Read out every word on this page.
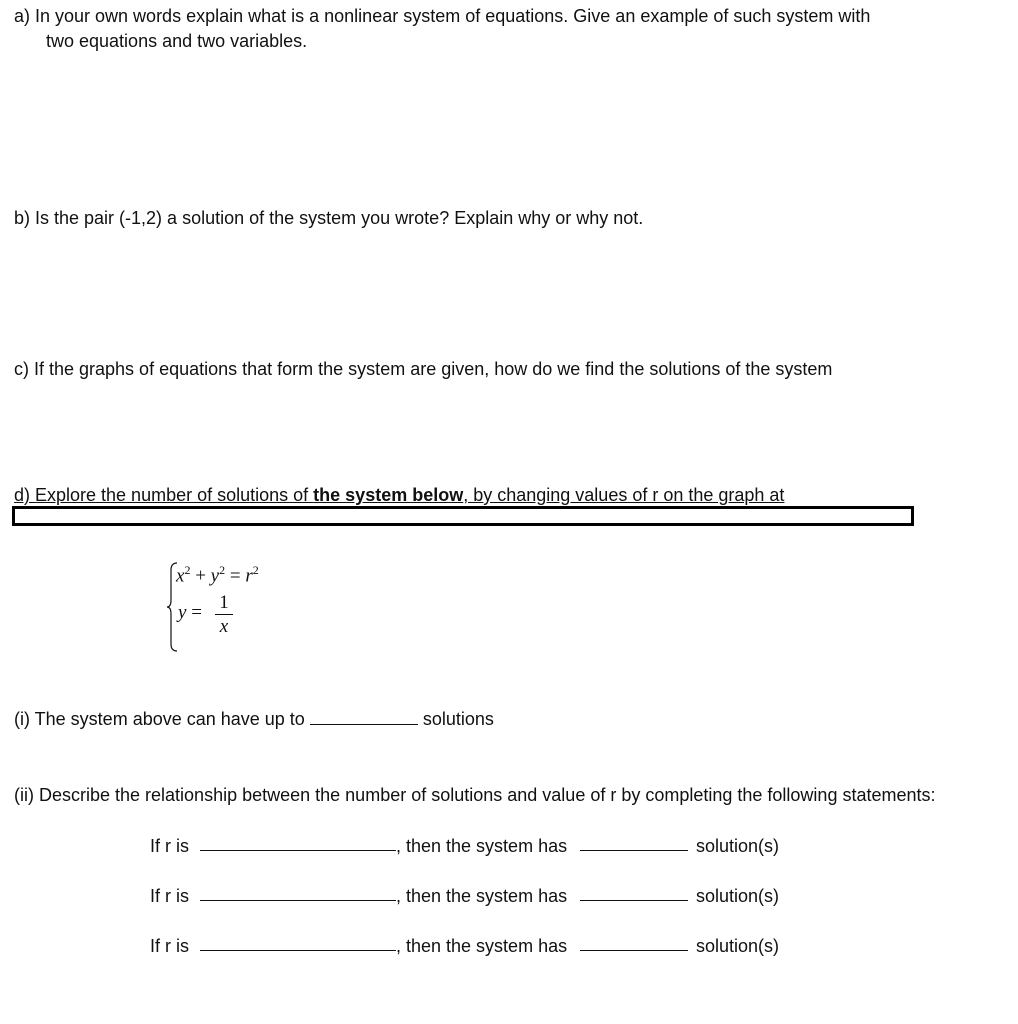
a) In your own words explain what is a nonlinear system of equations. Give an example of such system with
two equations and two variables.
b) Is the pair (-1,2) a solution of the system you wrote? Explain why or why not.
c) If the graphs of equations that form the system are given, how do we find the solutions of the system
d) Explore the number of solutions of the system below, by changing values of r on the graph at
$x^2 + y^2 = r^2$
y = 1
x
(i) The system above can have up to	solutions
(ii) Describe the relationship between the number of solutions and value of r by completing the following statements:
If r is	, then the system has	solution(s)
If r is	, then the system has	solution(s)
If r is	, then the system has	solution(s)
